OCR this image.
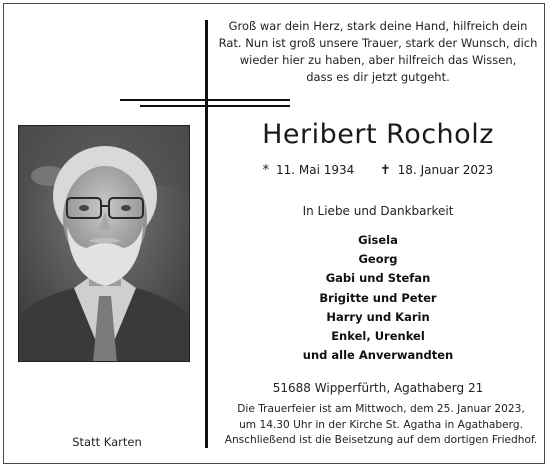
Groß war dein Herz, stark deine Hand, hilfreich dein
Rat. Nun ist groß unsere Trauer, stark der Wunsch, dich
wieder hier zu haben, aber hilfreich das Wissen,
dass es dir jetzt gutgeht.
Heribert Rocholz
* 11. Mai 1934 ✝ 18. Januar 2023
In Liebe und Dankbarkeit
Gisela
Georg
Gabi und Stefan
Brigitte und Peter
Harry und Karin
Enkel, Urenkel
und alle Anverwandten
51688 Wipperfürth, Agathaberg 21
Die Trauerfeier ist am Mittwoch, dem 25. Januar 2023,
um 14.30 Uhr in der Kirche St. Agatha in Agathaberg.
Anschließend ist die Beisetzung auf dem dortigen Friedhof.
Statt Karten
